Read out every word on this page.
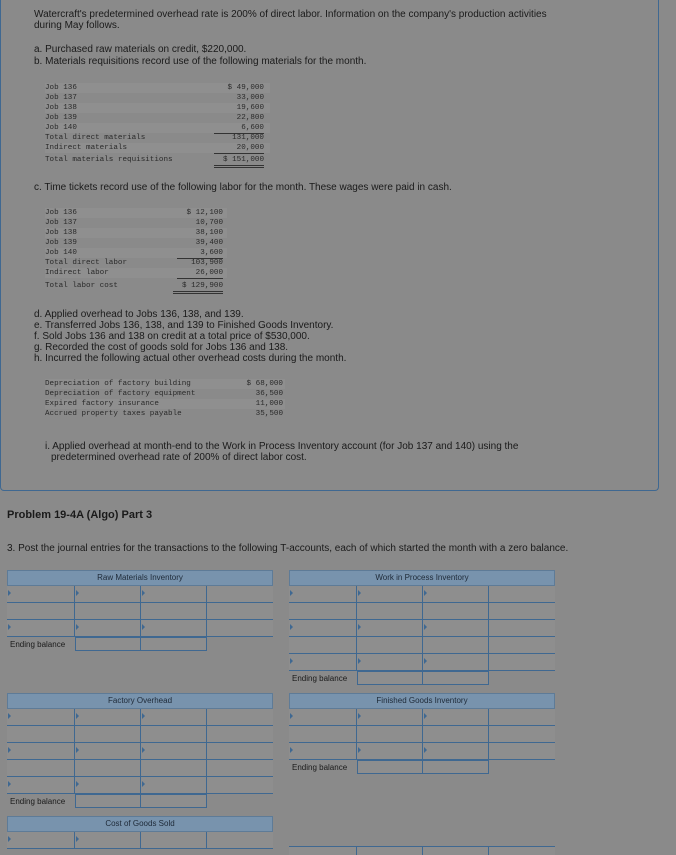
Watercraft's predetermined overhead rate is 200% of direct labor. Information on the company's production activities

during May follows.

a. Purchased raw materials on credit, $220,000.

b. Materials requisitions record use of the following materials for the month.

Job 136	$ 49,000
Job 137	33,000
Job 138	19,600
Job 139	22,800
Job 140	6,600
Total direct materials	131,000
Indirect materials	20,000
Total materials requisitions	$ 151,000

c. Time tickets record use of the following labor for the month. These wages were paid in cash.

Job 136	$ 12,100
Job 137	10,700
Job 138	38,100
Job 139	39,400
Job 140	3,600
Total direct labor	103,900
Indirect labor	26,000
Total labor cost	$ 129,900

d. Applied overhead to Jobs 136, 138, and 139.

e. Transferred Jobs 136, 138, and 139 to Finished Goods Inventory.

f. Sold Jobs 136 and 138 on credit at a total price of $530,000.

g. Recorded the cost of goods sold for Jobs 136 and 138.

h. Incurred the following actual other overhead costs during the month.

Depreciation of factory building	$ 68,000
Depreciation of factory equipment	36,500
Expired factory insurance	11,000
Accrued property taxes payable	35,500

i. Applied overhead at month-end to the Work in Process Inventory account (for Job 137 and 140) using the

predetermined overhead rate of 200% of direct labor cost.

Problem 19-4A (Algo) Part 3

3. Post the journal entries for the transactions to the following T-accounts, each of which started the month with a zero balance.

Raw Materials Inventory
Ending balance
Work in Process Inventory
Ending balance
Factory Overhead
Ending balance
Finished Goods Inventory
Ending balance
Cost of Goods Sold
